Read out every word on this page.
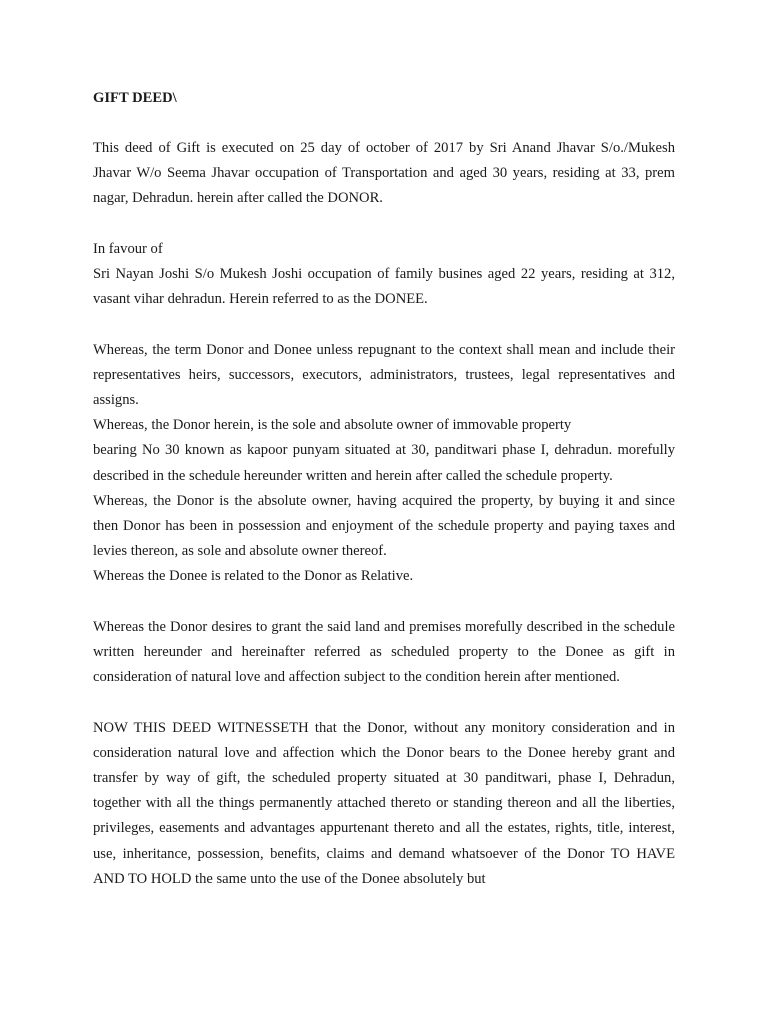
GIFT DEED\

This deed of Gift is executed on 25 day of october of 2017 by Sri Anand Jhavar S/o./Mukesh Jhavar W/o Seema Jhavar occupation of Transportation and aged 30 years, residing at 33, prem nagar, Dehradun. herein after called the DONOR.

In favour of

Sri Nayan Joshi S/o Mukesh Joshi occupation of family busines aged 22 years, residing at 312, vasant vihar dehradun. Herein referred to as the DONEE.

Whereas, the term Donor and Donee unless repugnant to the context shall mean and include their representatives heirs, successors, executors, administrators, trustees, legal representatives and assigns.

Whereas, the Donor herein, is the sole and absolute owner of immovable property

bearing No 30 known as kapoor punyam situated at 30, panditwari phase I, dehradun. morefully described in the schedule hereunder written and herein after called the schedule property.

Whereas, the Donor is the absolute owner, having acquired the property, by buying it and since then Donor has been in possession and enjoyment of the schedule property and paying taxes and levies thereon, as sole and absolute owner thereof.

Whereas the Donee is related to the Donor as Relative.

Whereas the Donor desires to grant the said land and premises morefully described in the schedule written hereunder and hereinafter referred as scheduled property to the Donee as gift in consideration of natural love and affection subject to the condition herein after mentioned.

NOW THIS DEED WITNESSETH that the Donor, without any monitory consideration and in consideration natural love and affection which the Donor bears to the Donee hereby grant and transfer by way of gift, the scheduled property situated at 30 panditwari, phase I, Dehradun, together with all the things permanently attached thereto or standing thereon and all the liberties, privileges, easements and advantages appurtenant thereto and all the estates, rights, title, interest, use, inheritance, possession, benefits, claims and demand whatsoever of the Donor TO HAVE AND TO HOLD the same unto the use of the Donee absolutely but
